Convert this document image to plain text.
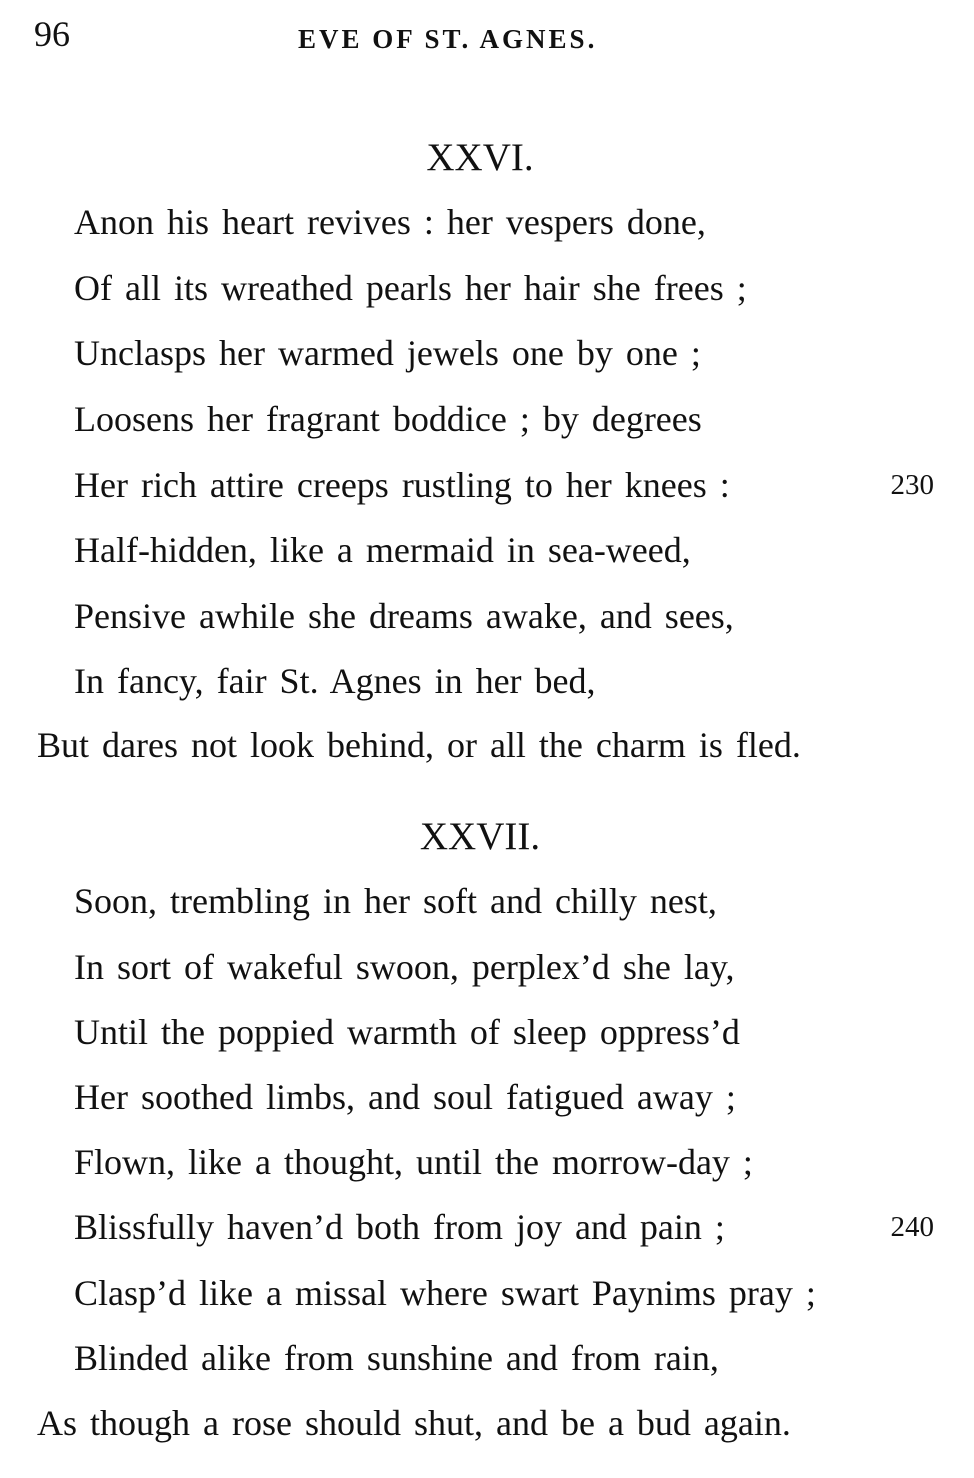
96	EVE OF ST. AGNES.
XXVI.
Anon his heart revives : her vespers done,
Of all its wreathed pearls her hair she frees ;
Unclasps her warmed jewels one by one ;
Loosens her fragrant boddice ; by degrees
Her rich attire creeps rustling to her knees :	230
Half-hidden, like a mermaid in sea-weed,
Pensive awhile she dreams awake, and sees,
In fancy, fair St. Agnes in her bed,
But dares not look behind, or all the charm is fled.
XXVII.
Soon, trembling in her soft and chilly nest,
In sort of wakeful swoon, perplex’d she lay,
Until the poppied warmth of sleep oppress’d
Her soothed limbs, and soul fatigued away ;
Flown, like a thought, until the morrow-day ;
Blissfully haven’d both from joy and pain ;	240
Clasp’d like a missal where swart Paynims pray ;
Blinded alike from sunshine and from rain,
As though a rose should shut, and be a bud again.
